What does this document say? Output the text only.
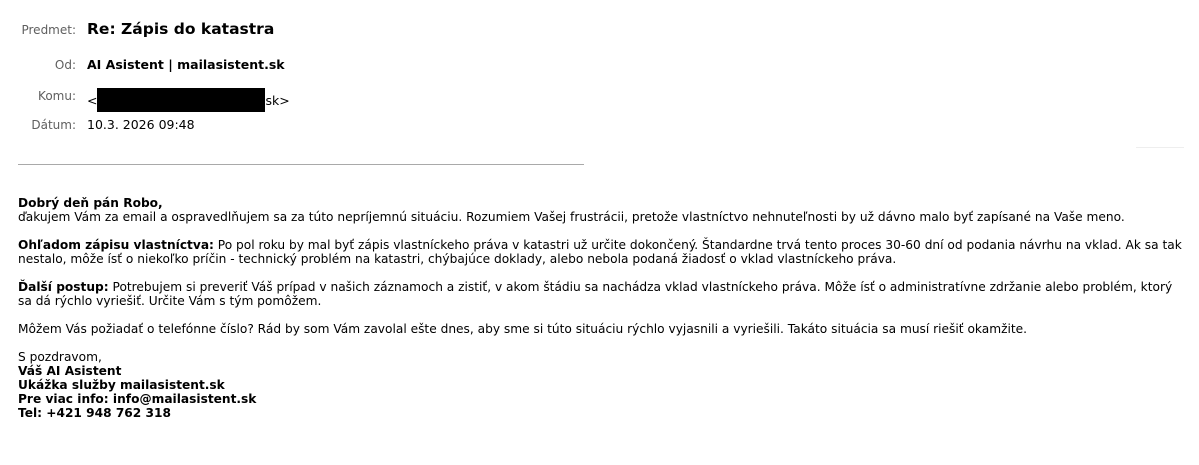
Predmet: Re: Zápis do katastra
Od: AI Asistent | mailasistent.sk
Komu: <	sk>
Dátum: 10.3. 2026 09:48
Dobrý deň pán Robo,

ďakujem Vám za email a ospravedlňujem sa za túto nepríjemnú situáciu. Rozumiem Vašej frustrácii, pretože vlastníctvo nehnuteľnosti by už dávno malo byť zapísané na Vaše meno.

Ohľadom zápisu vlastníctva: Po pol roku by mal byť zápis vlastníckeho práva v katastri už určite dokončený. Štandardne trvá tento proces 30-60 dní od podania návrhu na vklad. Ak sa tak nestalo, môže ísť o niekoľko príčin - technický problém na katastri, chýbajúce doklady, alebo nebola podaná žiadosť o vklad vlastníckeho práva.

Ďalší postup: Potrebujem si preveriť Váš prípad v našich záznamoch a zistiť, v akom štádiu sa nachádza vklad vlastníckeho práva. Môže ísť o administratívne zdržanie alebo problém, ktorý sa dá rýchlo vyriešiť. Určite Vám s tým pomôžem.

Môžem Vás požiadať o telefónne číslo? Rád by som Vám zavolal ešte dnes, aby sme si túto situáciu rýchlo vyjasnili a vyriešili. Takáto situácia sa musí riešiť okamžite.

S pozdravom,
Váš AI Asistent
Ukážka služby mailasistent.sk
Pre viac info: info@mailasistent.sk
Tel: +421 948 762 318
